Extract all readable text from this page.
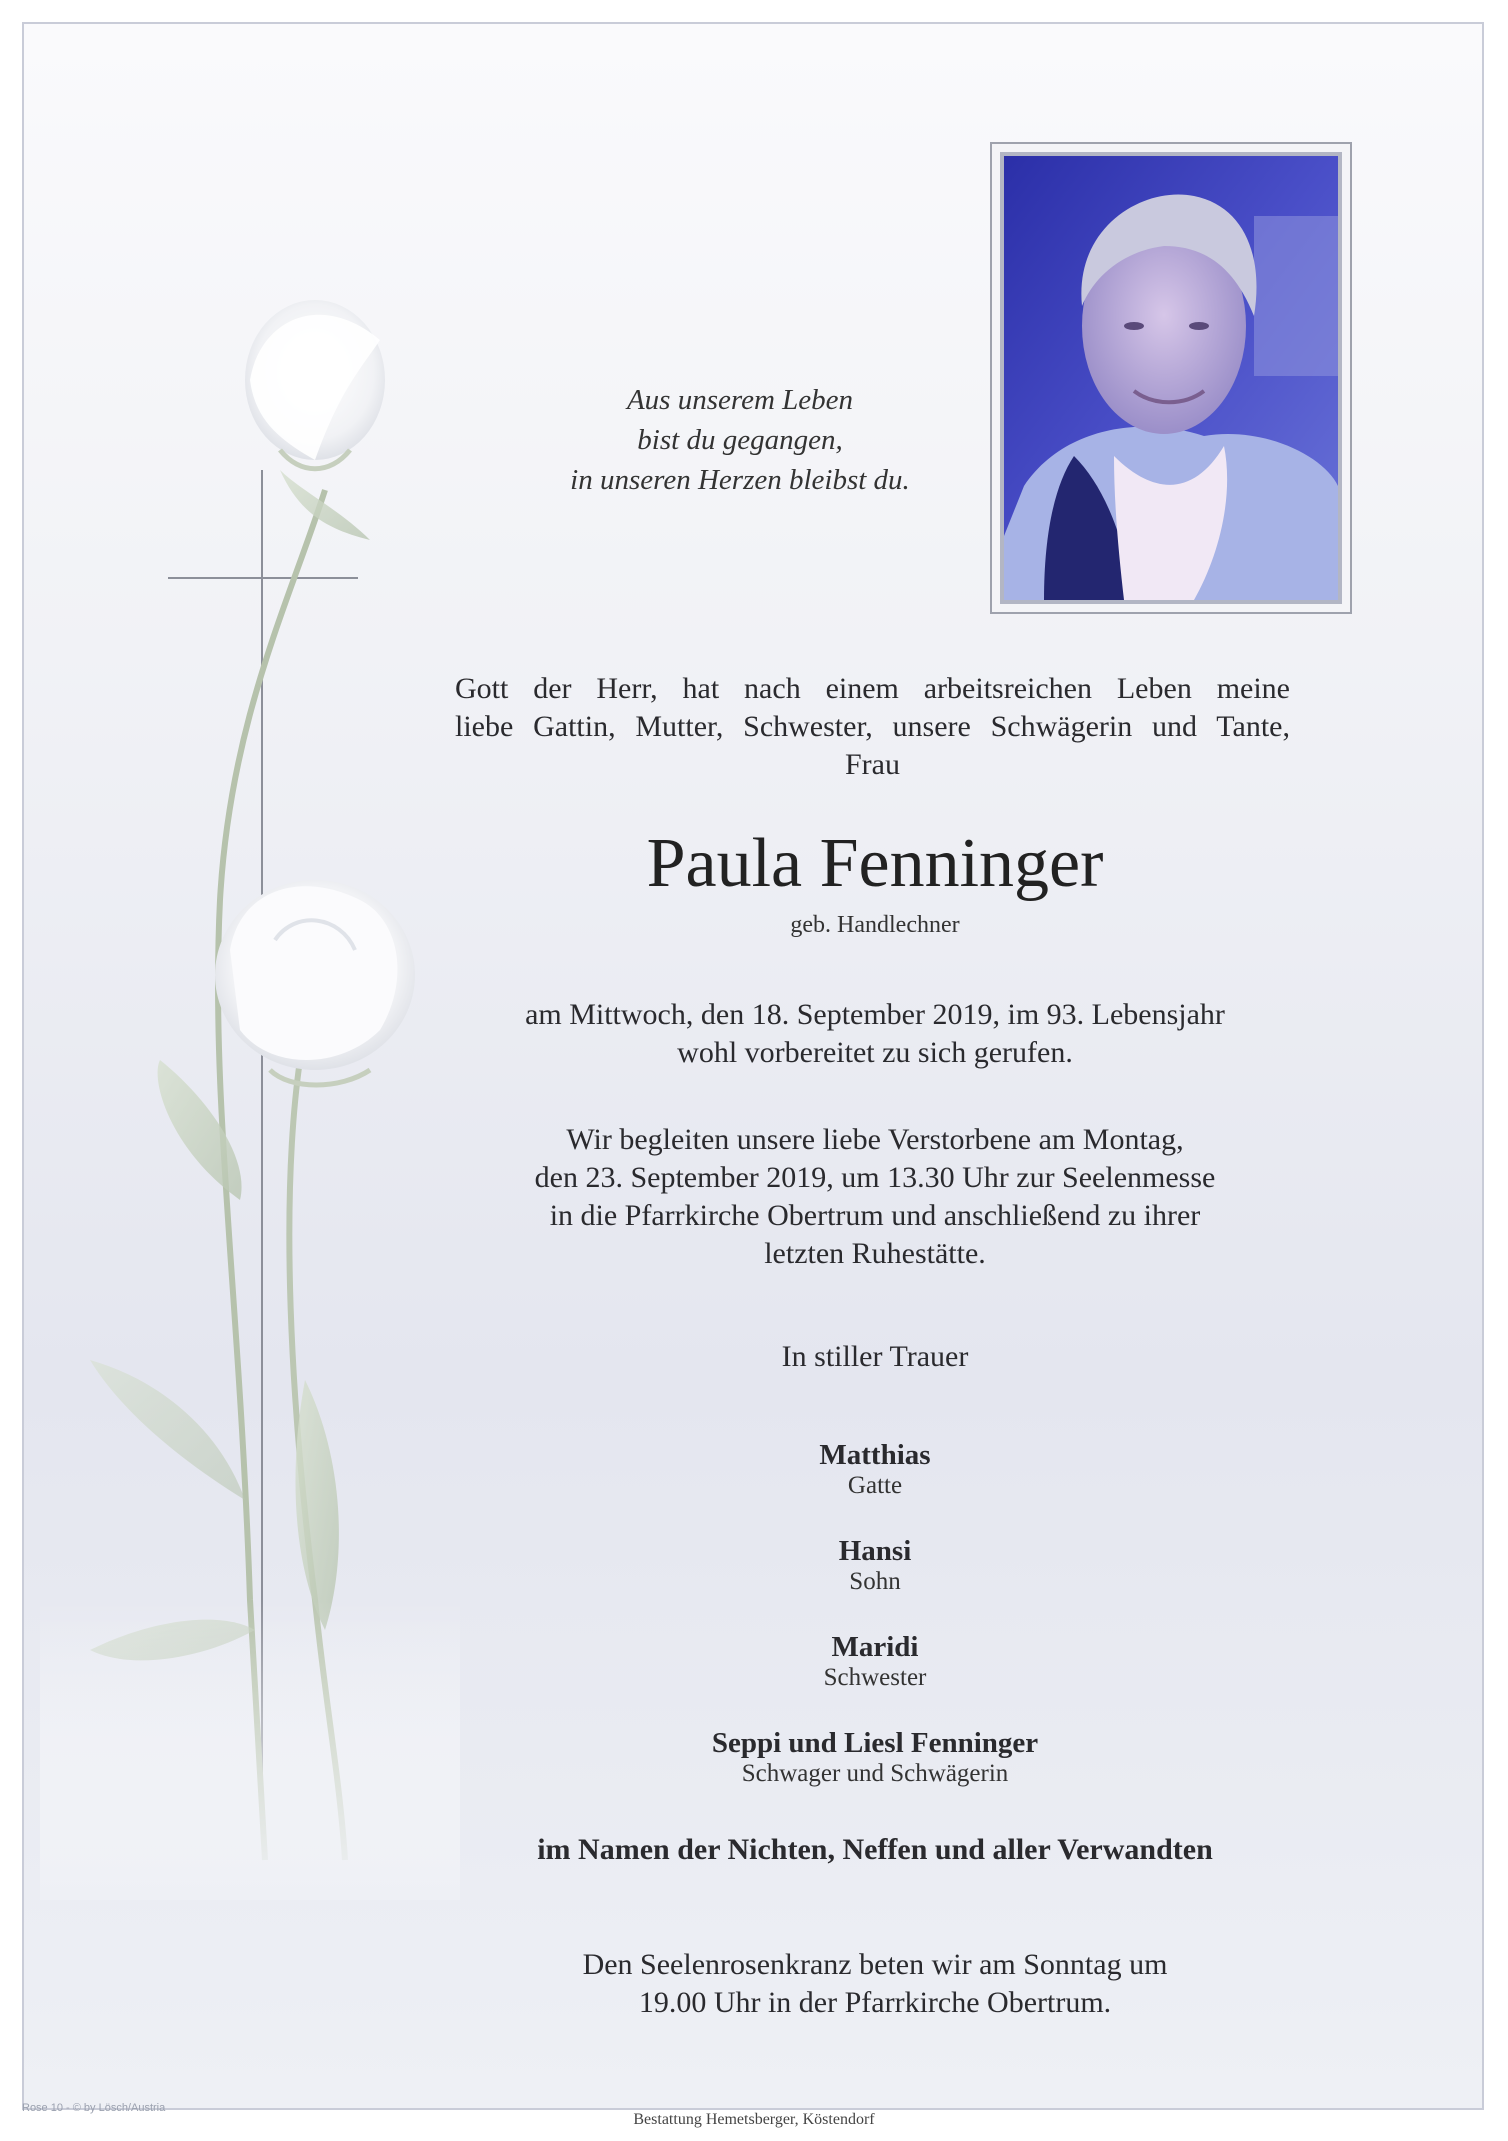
Aus unserem Leben
bist du gegangen,
in unseren Herzen bleibst du.
Gott der Herr, hat nach einem arbeitsreichen Leben meine
liebe Gattin, Mutter, Schwester, unsere Schwägerin und Tante,
Frau
Paula Fenninger
geb. Handlechner
am Mittwoch, den 18. September 2019, im 93. Lebensjahr
wohl vorbereitet zu sich gerufen.
Wir begleiten unsere liebe Verstorbene am Montag,
den 23. September 2019, um 13.30 Uhr zur Seelenmesse
in die Pfarrkirche Obertrum und anschließend zu ihrer
letzten Ruhestätte.
In stiller Trauer
Matthias
Gatte
Hansi
Sohn
Maridi
Schwester
Seppi und Liesl Fenninger
Schwager und Schwägerin
im Namen der Nichten, Neffen und aller Verwandten
Den Seelenrosenkranz beten wir am Sonntag um
19.00 Uhr in der Pfarrkirche Obertrum.
Rose 10 - © by Lösch/Austria
Bestattung Hemetsberger, Köstendorf
